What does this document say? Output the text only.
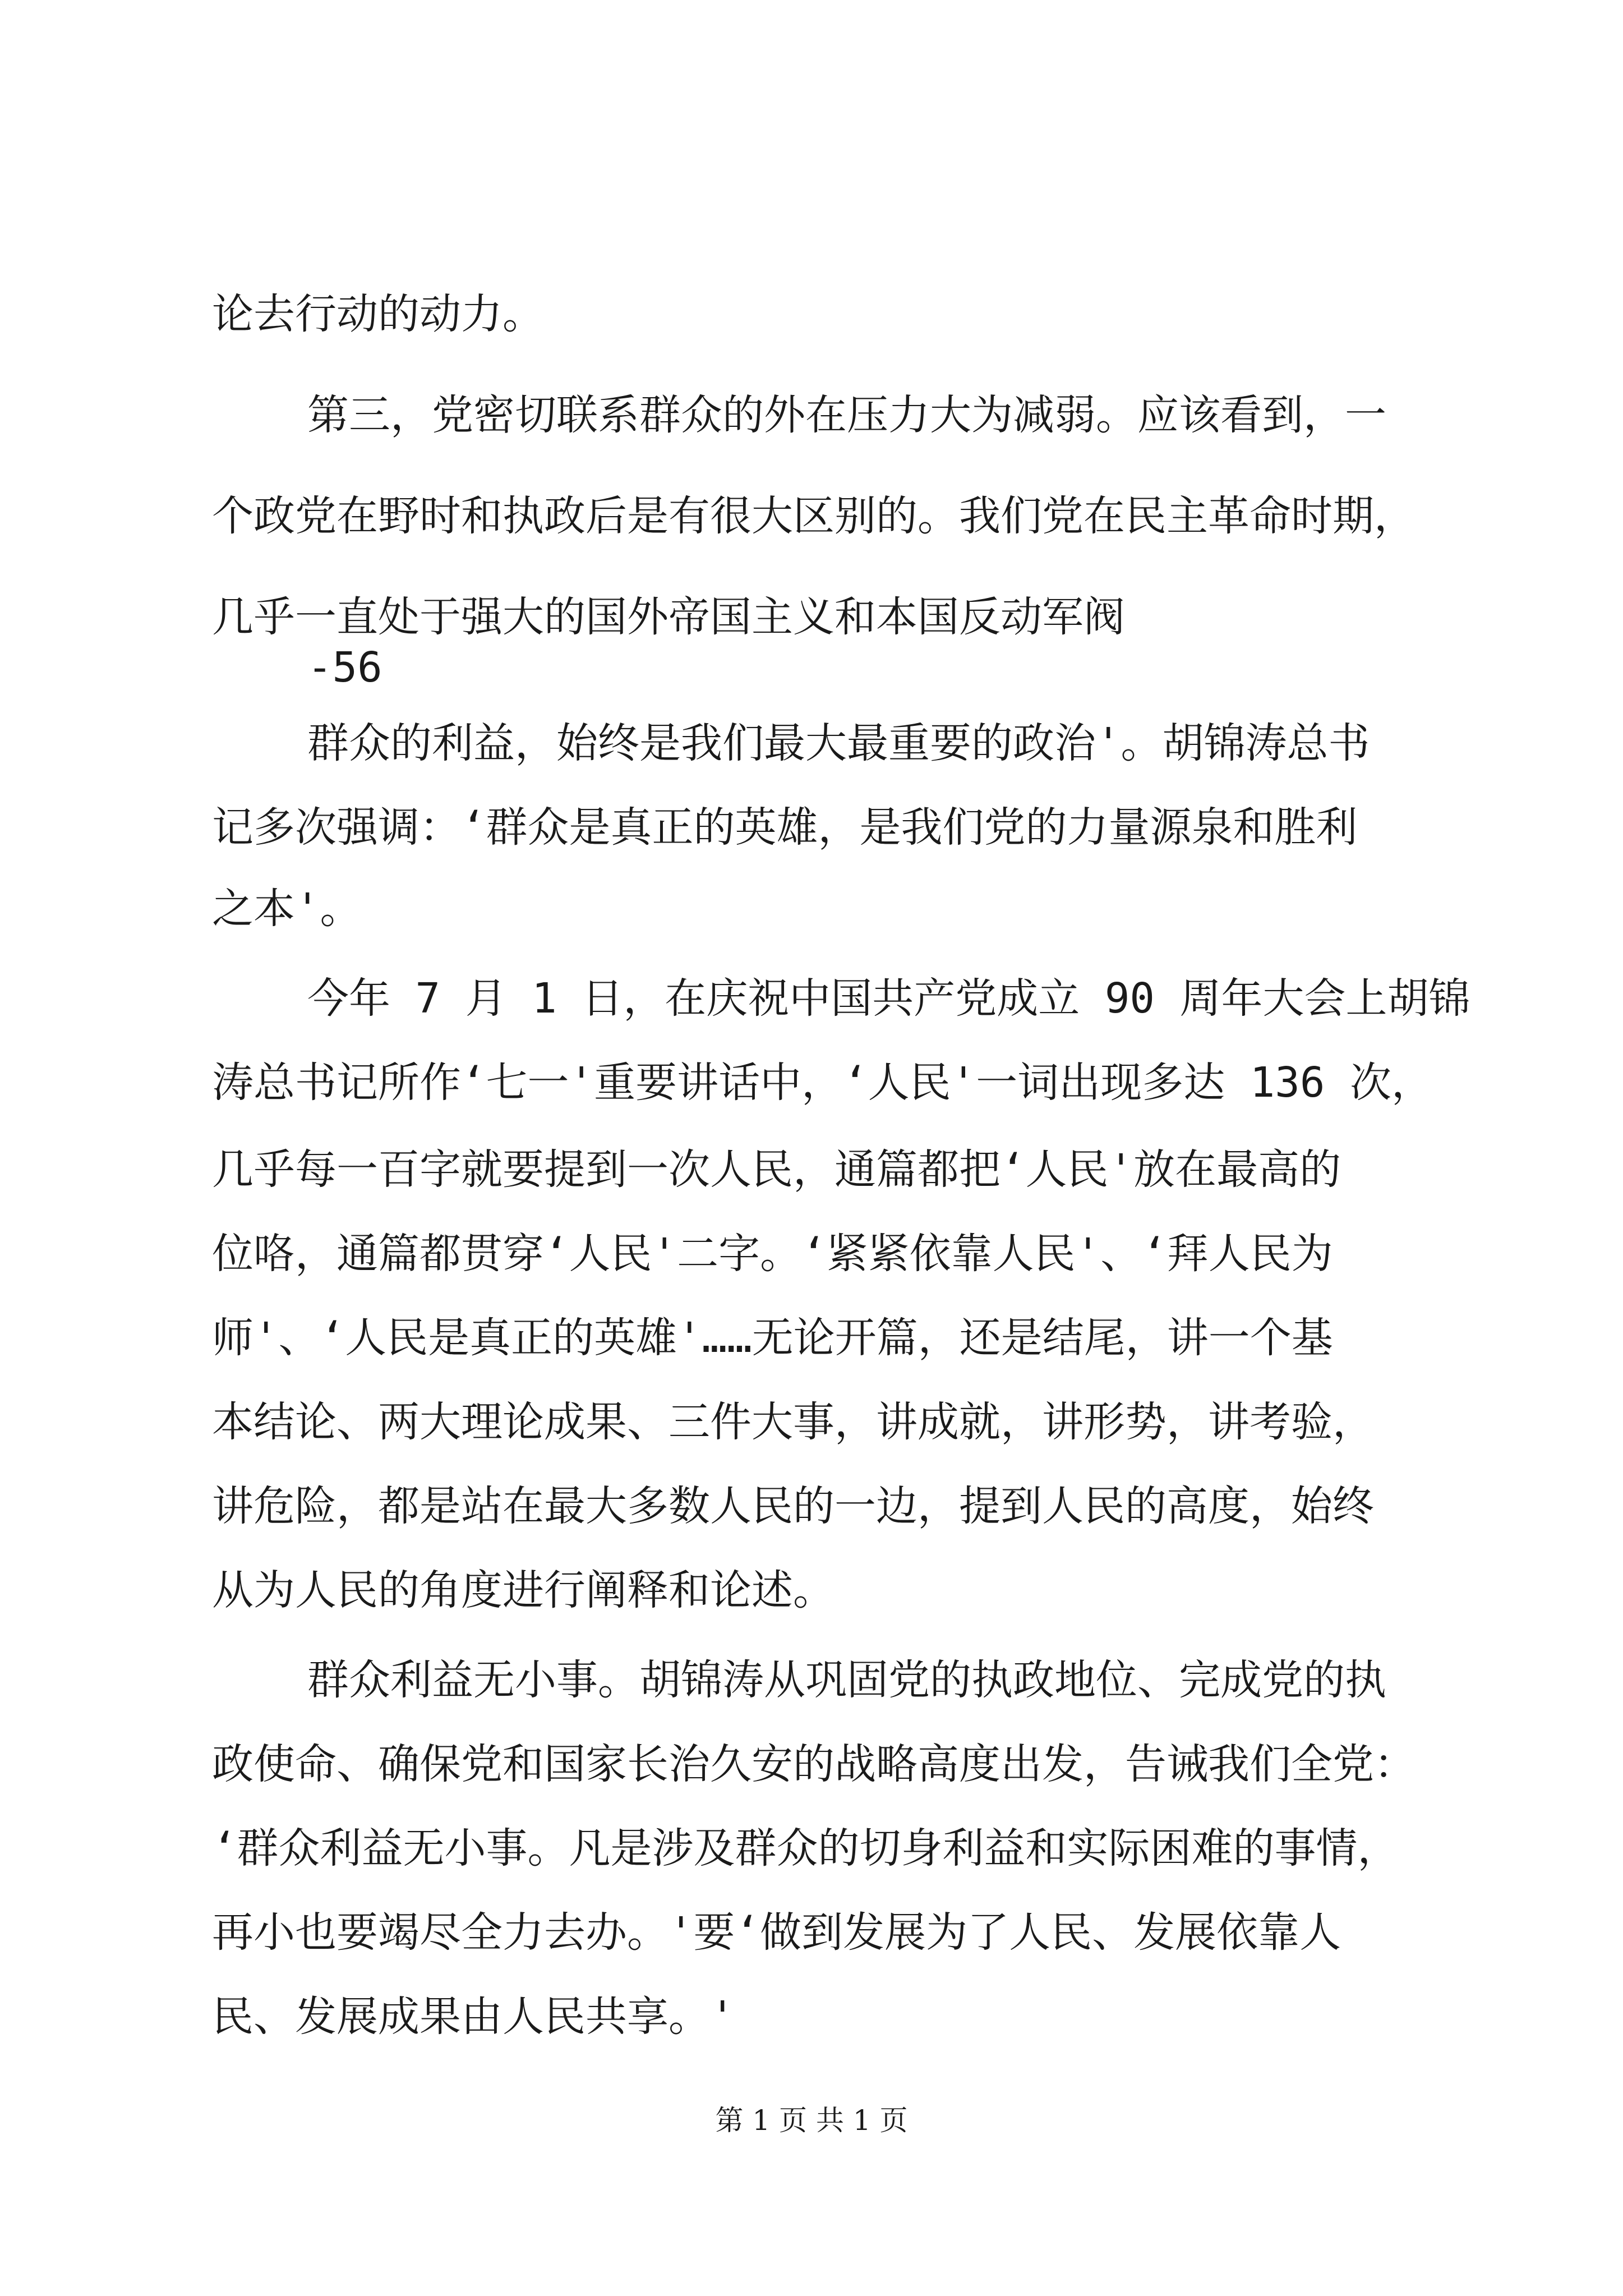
论去行动的动力。
第三，党密切联系群众的外在压力大为减弱。应该看到，一
个政党在野时和执政后是有很大区别的。我们党在民主革命时期，
几乎一直处于强大的国外帝国主义和本国反动军阀
-56
群众的利益，始终是我们最大最重要的政治'。胡锦涛总书
记多次强调：‘群众是真正的英雄，是我们党的力量源泉和胜利
之本'。
今年 7 月 1 日，在庆祝中国共产党成立 90 周年大会上胡锦
涛总书记所作‘七一'重要讲话中，‘人民'一词出现多达 136 次，
几乎每一百字就要提到一次人民，通篇都把‘人民'放在最高的
位咯，通篇都贯穿‘人民'二字。‘紧紧依靠人民'、‘拜人民为
师'、‘人民是真正的英雄'……无论开篇，还是结尾，讲一个基
本结论、两大理论成果、三件大事，讲成就，讲形势，讲考验，
讲危险，都是站在最大多数人民的一边，提到人民的高度，始终
从为人民的角度进行阐释和论述。
群众利益无小事。胡锦涛从巩固党的执政地位、完成党的执
政使命、确保党和国家长治久安的战略高度出发，告诫我们全党：
‘群众利益无小事。凡是涉及群众的切身利益和实际困难的事情，
再小也要竭尽全力去办。'要‘做到发展为了人民、发展依靠人
民、发展成果由人民共享。'
第 1 页 共 1 页
